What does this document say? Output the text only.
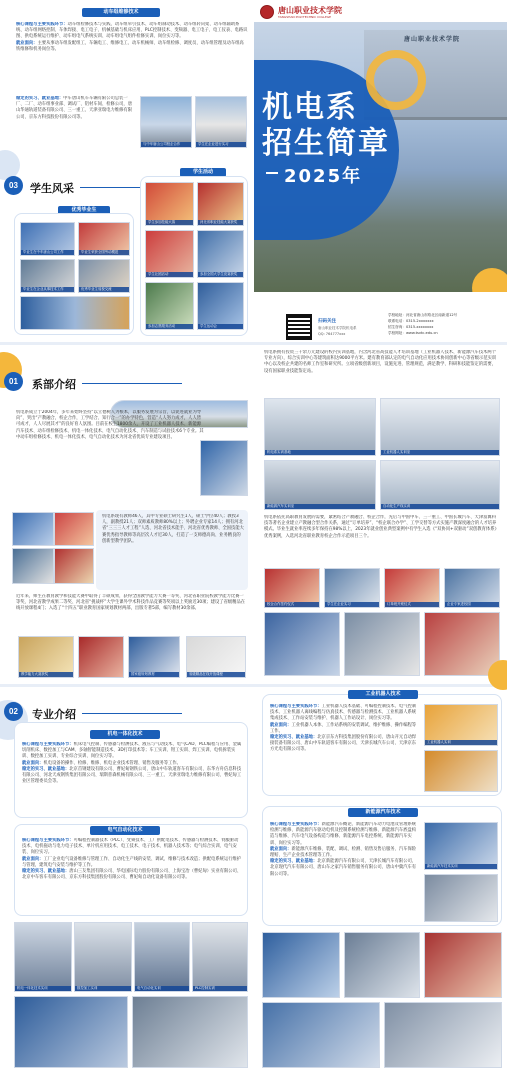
动车组维修技术
核心课程与主要实践环节：动车组检修技术与实践、动车组牵引技术、动车组制动技术、动车组转向架、动车组辅助系统、动车组网络控制、车体焊接、电工电子、机械基础与机床应用、PLC控制技术、变频器、电工电子、电工仪表、电路识图、供电系统运行维护、动车组电气系统实训、动车组电气组件检修实训、岗位实习等。
就业面向：主要从事动车组发配组工、车辆电工、维修电工、动车机械师、动车组检修、调度员、动车组管理及动车组高铁维修和机务岗位等。
稳定的实习、就业基地：中车唐山机车车辆有限公司总装一厂、二厂、动车组事业部、调试厂、铝材车间、检修公司，唐山华通轨道装备有限公司、三一重工、天津亚瑞电力维修有限公司、京东方科技股份有限公司等。
与中车唐山公司校企合作	学生在企业进行实习
03	学生风采
优秀毕业生
学生活动
毕业生在中车唐山公司工作	毕业生荣获全国劳动模范
毕业生在企业从事技术工作	优秀毕业生返校交流
学生参加技能大赛	河北省职业技能大赛获奖
学生社团活动	参加全国大学生竞赛获奖
参加志愿服务活动	学生运动会
唐山职业技术学院
机电系
招生简章
2025年
唐山职业技术学院
TANGSHAN POLYTECHNIC COLLEGE
扫码关注
唐山职业技术学院机电系
QQ: 764777xxx
学校地址：河北省唐山市路北区南新道12号
联系电话：0315-2xxxxxxx
招生咨询：0315-xxxxxxxx
学校网址：www.tsvtc.edu.cn
01	系部介绍
机电系成立于2004年，多年来始终坚持“以立德树人为根本，以服务发展为宗旨，以促进就业为导向”，突出“产教融合，校企合作，工学结合、知行合一”的办学特色，营造“人人努力成才，人人皆可成才，人人尽展其才”的良好育人氛围。目前在校生1800余人，开设了工业机器人技术、新能源汽车技术、动车组检修技术、机电一体化技术、电气自动化技术、汽车制造与试验技术6个专业。其中动车组检修技术、机电一体化技术、电气自动化技术为河北省优质专业建设项目。
机电系现有教师46人，其中专业硕士研究生1人，硕士学位40人；教授3人，副教授21人；双师素质教师80%以上；外聘企业专家14人；拥有河北省“三三三人才工程”人选、河北省技术能手、河北省优秀教师、全国技能大赛优秀指导教师等高层次人才近30人，打造了一支师德高尚、业务精良的创新型教学团队。
近年来，师生在教育教学和技能大赛中取得了丰硕成果，获得全国教学能力大赛一等奖、河北省职业院校教学能力比赛一等奖、河北省教学成果二等奖、河北省“挑战杯”大学生课外学术科技作品竞赛等奖项以上奖励近30项；建设了省级精品在线开放课程4门；入选了“十四五”职业教育国家规划教材两部，出版专著5部，编写教材30余部。
教学能力大赛获奖	国家级规划教材	省级精品在线开放课程
机电系拥有投资三千余万元建设的校内实训基地，内含河北省高技能人才培训基地（工业机器人技术、新能源汽车技术两个专业方向），综合实训中心等建筑面积达9000平方米。建有教育部认定的电气自动化应用技术协同创新中心等省级示范实训中心以及校企共建的名师工作室和研究所。立项省级创新项目，设施先进、管理规范，满足教学、科研和技能鉴定的需要，设有国家职业技能鉴定站。
机电系实训基地	工业机器人实训室
新能源汽车实训室	自动化生产线实训
机电系依托高职教育发展的需要，紧密结合产教融合、校企合作，先后与中国中车、三一重工、中国长城汽车、天津富翼科技等著名企业建立产教融合型合作关系，通过“订单培养”、“校企联合办学”、工学交替等方式实施产教深度融合的人才培养模式。毕业生就业率连续多年保持在98%以上，2023年就业创业典型案例中有学生入选《“双协同+双驱动”双创教育体系》优秀案例，入选河北省职业教育校企合作示范项目三个。
校企合作签约仪式	学生在企业实习	订单班开班仪式	企业专家进校园
02	专业介绍
机电一体化技术
核心课程与主要实践环节：机床电气控制、传感器与检测技术、液压与气动技术、电气CAD、PLC编程与应用、金属切削机床、数控加工与CAM、多轴智能制造技术、3D打印技术等；车工实训、钳工实训、焊工实训、电机拆装实训、数控加工实训、专业综合实训、岗位实习等。
就业面向：机电设备的操作、检修、维修、机电企业技术管理、销售及服务等工作。
稳定的实习、就业基地：北京首钢建设有限公司、曹妃甸钢铁公司、唐山中车轨道客车有限公司、东华方舟信息科技有限公司、河北天成钢铁集团有限公司、瑞斯普森机械有限公司、三一重工、天津亚瑞电力维修有限公司、曹妃甸工业区管理委员会等。
电气自动化技术
核心课程与主要实践环节：可编程控制器技术（PLC）、变频技术、工厂供配电技术、传感器与检测技术、伺服驱动技术、电机拖动与电力电子技术、单片机应用技术、电工技术、电子技术、机器人技术等；电气综合实训、电气安装、岗位实习。
就业面向：工厂企业电气设备维修与管理工作、自动化生产线的安装、调试、维修与技术改造；供配电系统运行维护与管理，建筑电气安装与维护等工作。
稳定的实习、就业基地：唐山三友集团有限公司、华电国际电力股份有限公司、上海宝冶（曹妃甸）实业有限公司、北京中车客车有限公司、京东方科技集团股份有限公司、曹妃甸自动化设备有限公司等。
机电一体化技术实训	数控加工实训	电气自动化实训	PLC控制实训
工业机器人技术
核心课程与主要实践环节：工业机器人技术基础、可编程控制技术、电气控制技术、工业机器人离线编程与仿真技术、传感器与检测技术、工业机器人系统集成技术、工作站安装与维护、机器人工作站设计、岗位实习等。
就业面向：工业机器人本体、工作站系统的安装调试、维护维修、操作编程等工作。
稳定的实习、就业基地：北京京东方科技集团股份有限公司、唐山开元自动焊接装备有限公司、唐山中车轨道客车有限公司、天津长城汽车公司、天津京东方光电有限公司等。
工业机器人实训
新能源汽车技术
核心课程与主要实践环节：新能源汽车概论、新能源汽车动力电池及管理系统检测与维修、新能源汽车驱动电机及控制系统检测与维修、新能源汽车底盘构造与维修、汽车电气设备构造与维修、新能源汽车电控系统、新能源汽车实训、岗位实习等。
就业面向：新能源汽车维修、装配、调试、检测、销售及售后服务、汽车保险理赔、生产企业技术管理等工作。
稳定的实习、就业基地：北京新能源汽车有限公司、天津长城汽车有限公司、北京现代汽车有限公司、唐山车之家汽车销售服务有限公司、唐山中冀汽车有限公司等。
新能源汽车技术实训
